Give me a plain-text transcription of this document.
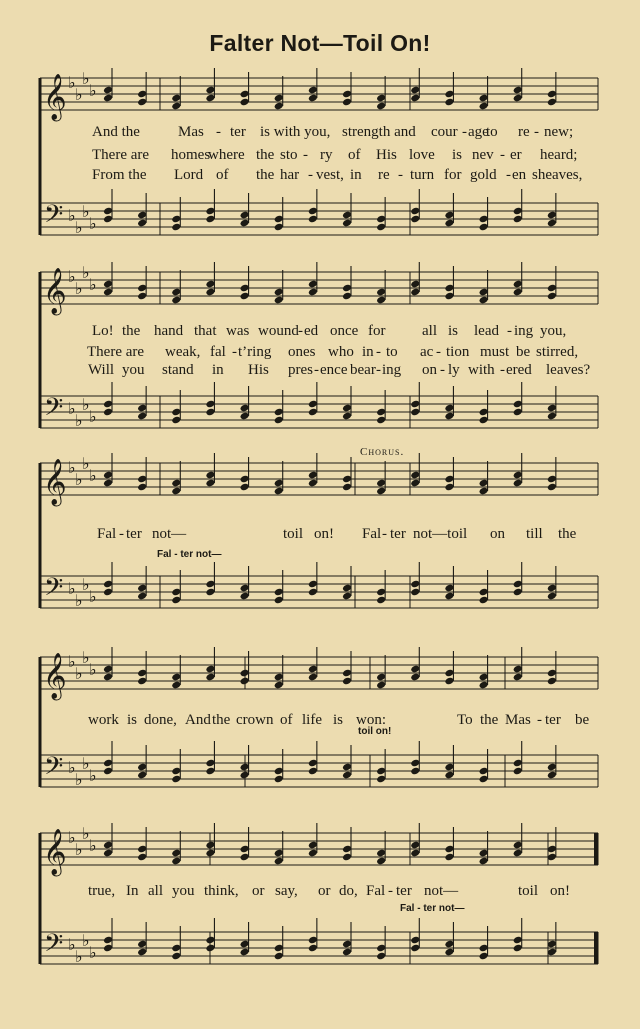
Falter Not—Toil On!
𝄞 ♭
♭
♭
♭
𝄢 ♭
♭
♭
♭
𝄞 ♭
♭
♭
♭
𝄢 ♭
♭
♭
♭
𝄞 ♭
♭
♭
♭
𝄢 ♭
♭
♭
♭
𝄞 ♭
♭
♭
♭
𝄢 ♭
♭
♭
♭
𝄞 ♭
♭
♭
♭
𝄢 ♭
♭
♭
♭
And the	Mas - ter is with you, strength and cour - age
to re - new;
There are homes
where the sto - ry of His love is nev - er heard;
From the Lord of the har - vest, in re - turn for gold - en sheaves,
Lo! the hand that was wound - ed once for all is lead - ing you,
There are weak, fal - t’ring ones who in - to ac - tion must be stirred,
Will you stand in His pres - ence bear - ing on - ly with - ered leaves?
Chorus.
Fal - ter not—	toil on! Fal - ter not—toil on till the
Fal - ter not—
work is done, And the crown of life is won:	To the Mas - ter be
toil on!
true, In all you think, or say, or do, Fal - ter not—	toil on!
Fal - ter not—
